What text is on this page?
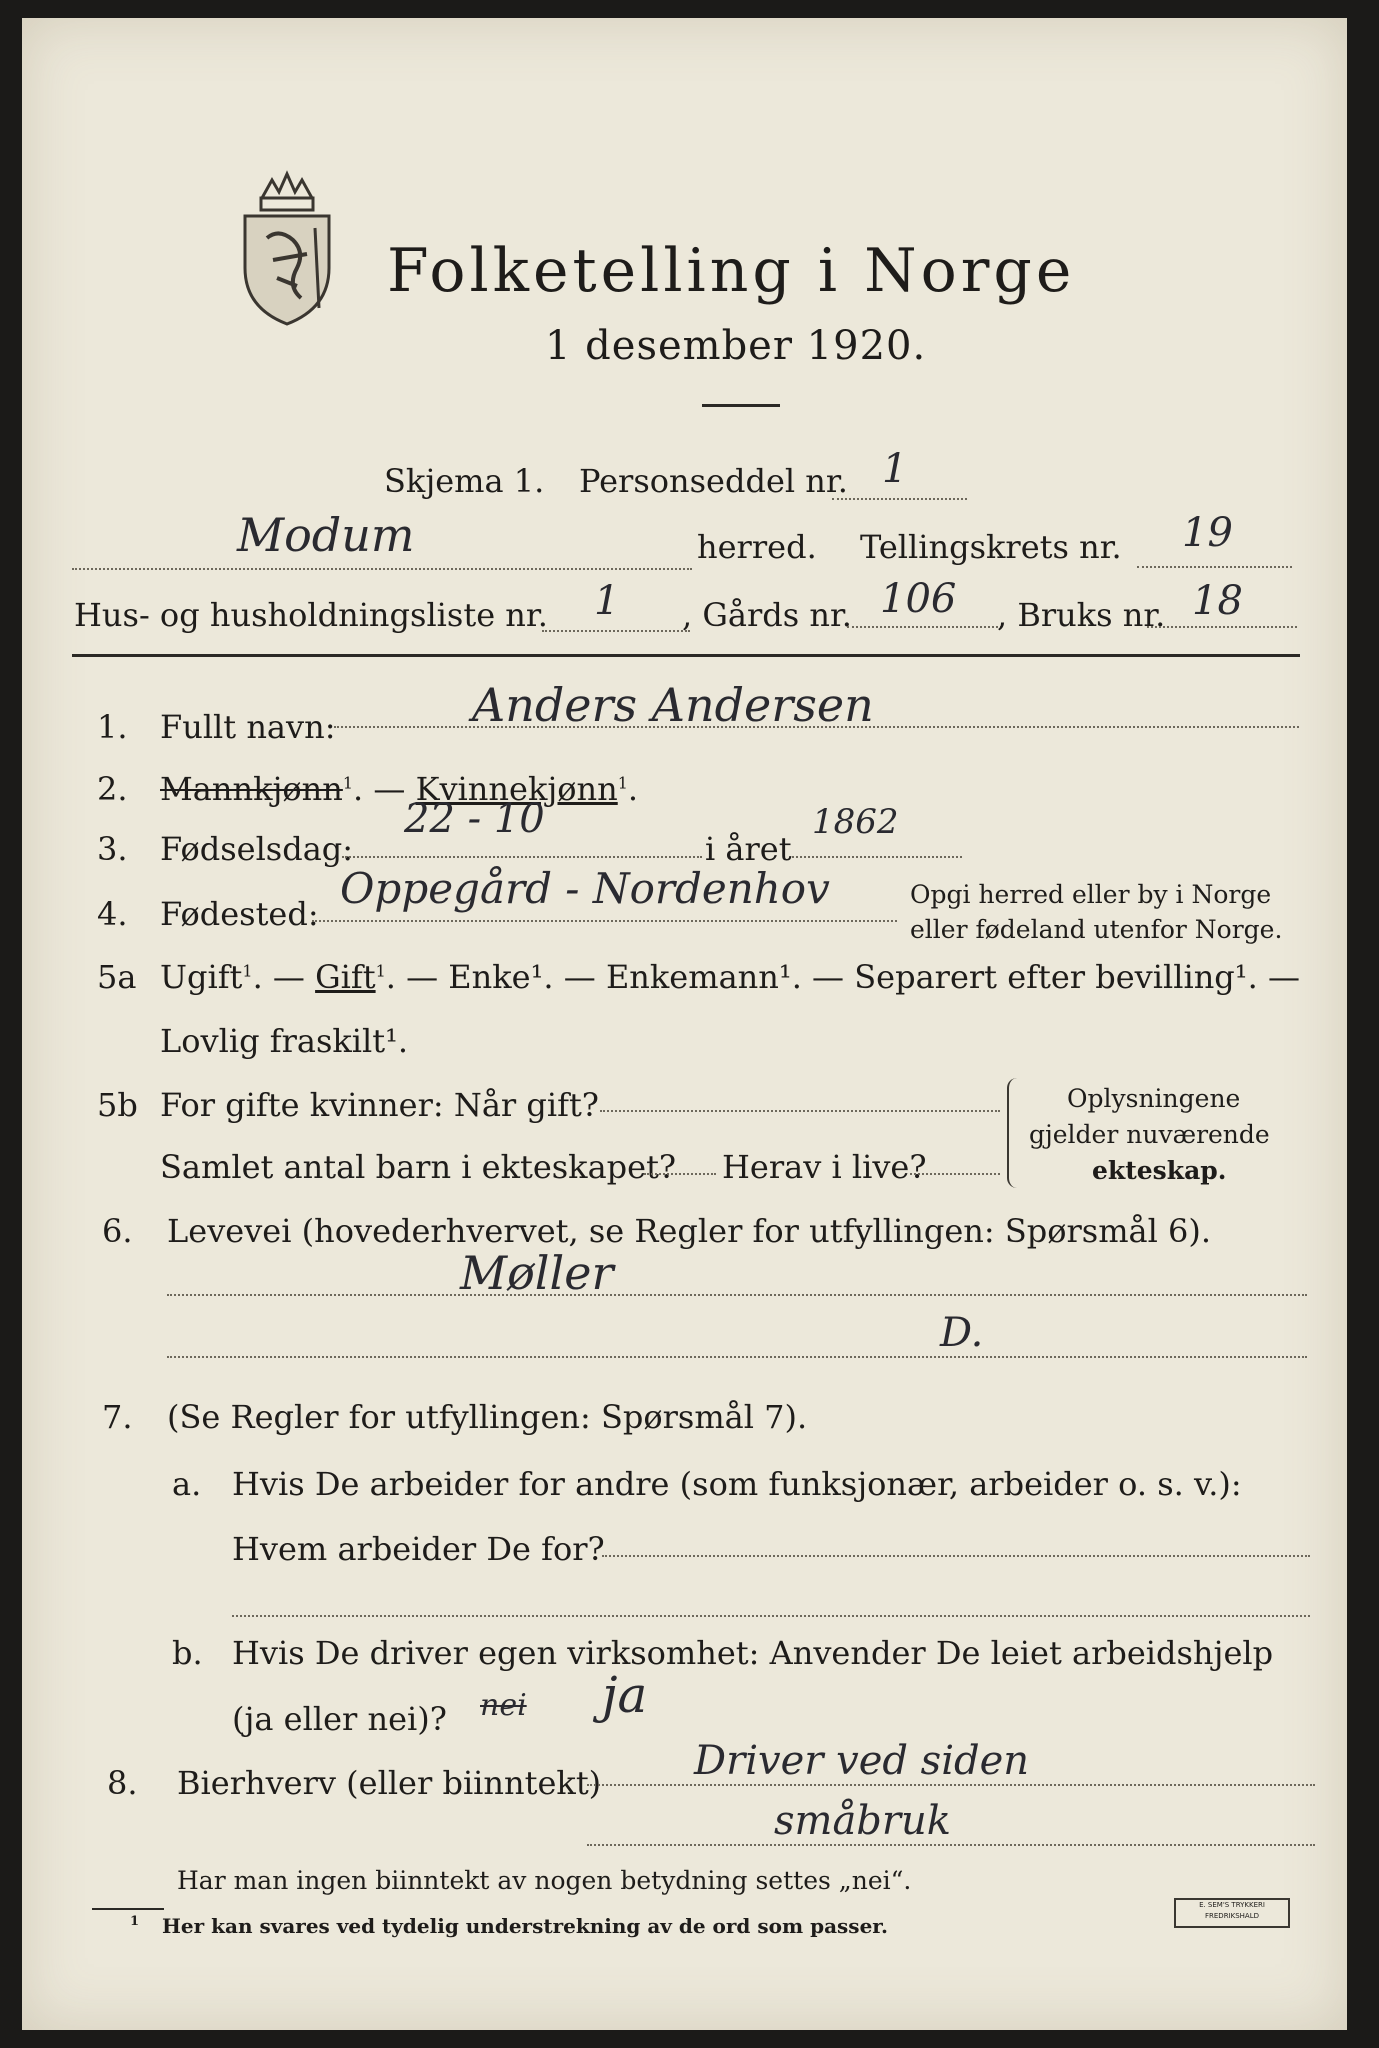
Folketelling i Norge
1 desember 1920.
Skjema 1. Personseddel nr. 1
Modum	herred. Tellingskrets nr. 19
Hus- og husholdningsliste nr. 1 , Gårds nr. 106 , Bruks nr. 18
1. Fullt navn:	Anders Andersen
2. Mannkjønn$^1$. — Kvinnekjønn$^1$.
3. Fødselsdag:
22 - 10
i året
1862
4. Fødested:
Oppegård - Nordenhov	Opgi herred eller by i Norge
eller fødeland utenfor Norge.
5a Ugift$^1$. — Gift$^1$. — Enke¹. — Enkemann¹. — Separert efter bevilling¹. —
Lovlig fraskilt¹.
5b For gifte kvinner: Når gift?
Samlet antal barn i ekteskapet? Herav i live?
Oplysningene
gjelder nuværende
ekteskap.
6. Levevei (hovederhvervet, se Regler for utfyllingen: Spørsmål 6).
Møller
D.
7. (Se Regler for utfyllingen: Spørsmål 7).
a. Hvis De arbeider for andre (som funksjonær, arbeider o. s. v.):
Hvem arbeider De for?
b. Hvis De driver egen virksomhet: Anvender De leiet arbeidshjelp
(ja eller nei)? nei ja
8. Bierhverv (eller biinntekt) Driver ved siden
småbruk
Har man ingen biinntekt av nogen betydning settes „nei“.
1 Her kan svares ved tydelig understrekning av de ord som passer.
E. SEM'S TRYKKERI FREDRIKSHALD
